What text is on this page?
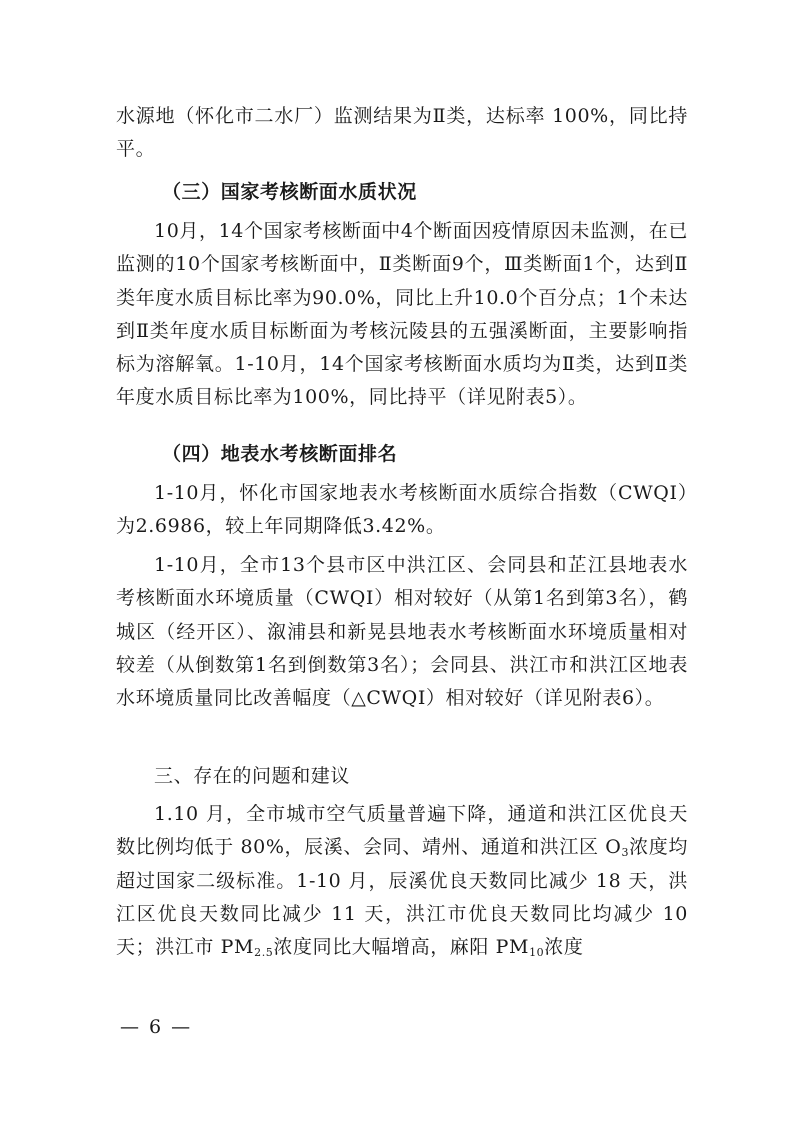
水源地（怀化市二水厂）监测结果为Ⅱ类，达标率 100%，同比持平。

（三）国家考核断面水质状况

10月，14个国家考核断面中4个断面因疫情原因未监测，在已监测的10个国家考核断面中，Ⅱ类断面9个，Ⅲ类断面1个，达到Ⅱ类年度水质目标比率为90.0%，同比上升10.0个百分点；1个未达到Ⅱ类年度水质目标断面为考核沅陵县的五强溪断面，主要影响指标为溶解氧。1-10月，14个国家考核断面水质均为Ⅱ类，达到Ⅱ类年度水质目标比率为100%，同比持平（详见附表5）。

（四）地表水考核断面排名

1-10月，怀化市国家地表水考核断面水质综合指数（CWQI）为2.6986，较上年同期降低3.42%。

1-10月，全市13个县市区中洪江区、会同县和芷江县地表水考核断面水环境质量（CWQI）相对较好（从第1名到第3名），鹤城区（经开区）、溆浦县和新晃县地表水考核断面水环境质量相对较差（从倒数第1名到倒数第3名）；会同县、洪江市和洪江区地表水环境质量同比改善幅度（△CWQI）相对较好（详见附表6）。

三、存在的问题和建议

1.10 月，全市城市空气质量普遍下降，通道和洪江区优良天数比例均低于 80%，辰溪、会同、靖州、通道和洪江区 $O_3$浓度均超过国家二级标准。1-10 月，辰溪优良天数同比减少 18 天，洪江区优良天数同比减少 11 天，洪江市优良天数同比均减少 10 天；洪江市 $PM_{2.5}$浓度同比大幅增高，麻阳 $PM_{10}$浓度

— 6 —
